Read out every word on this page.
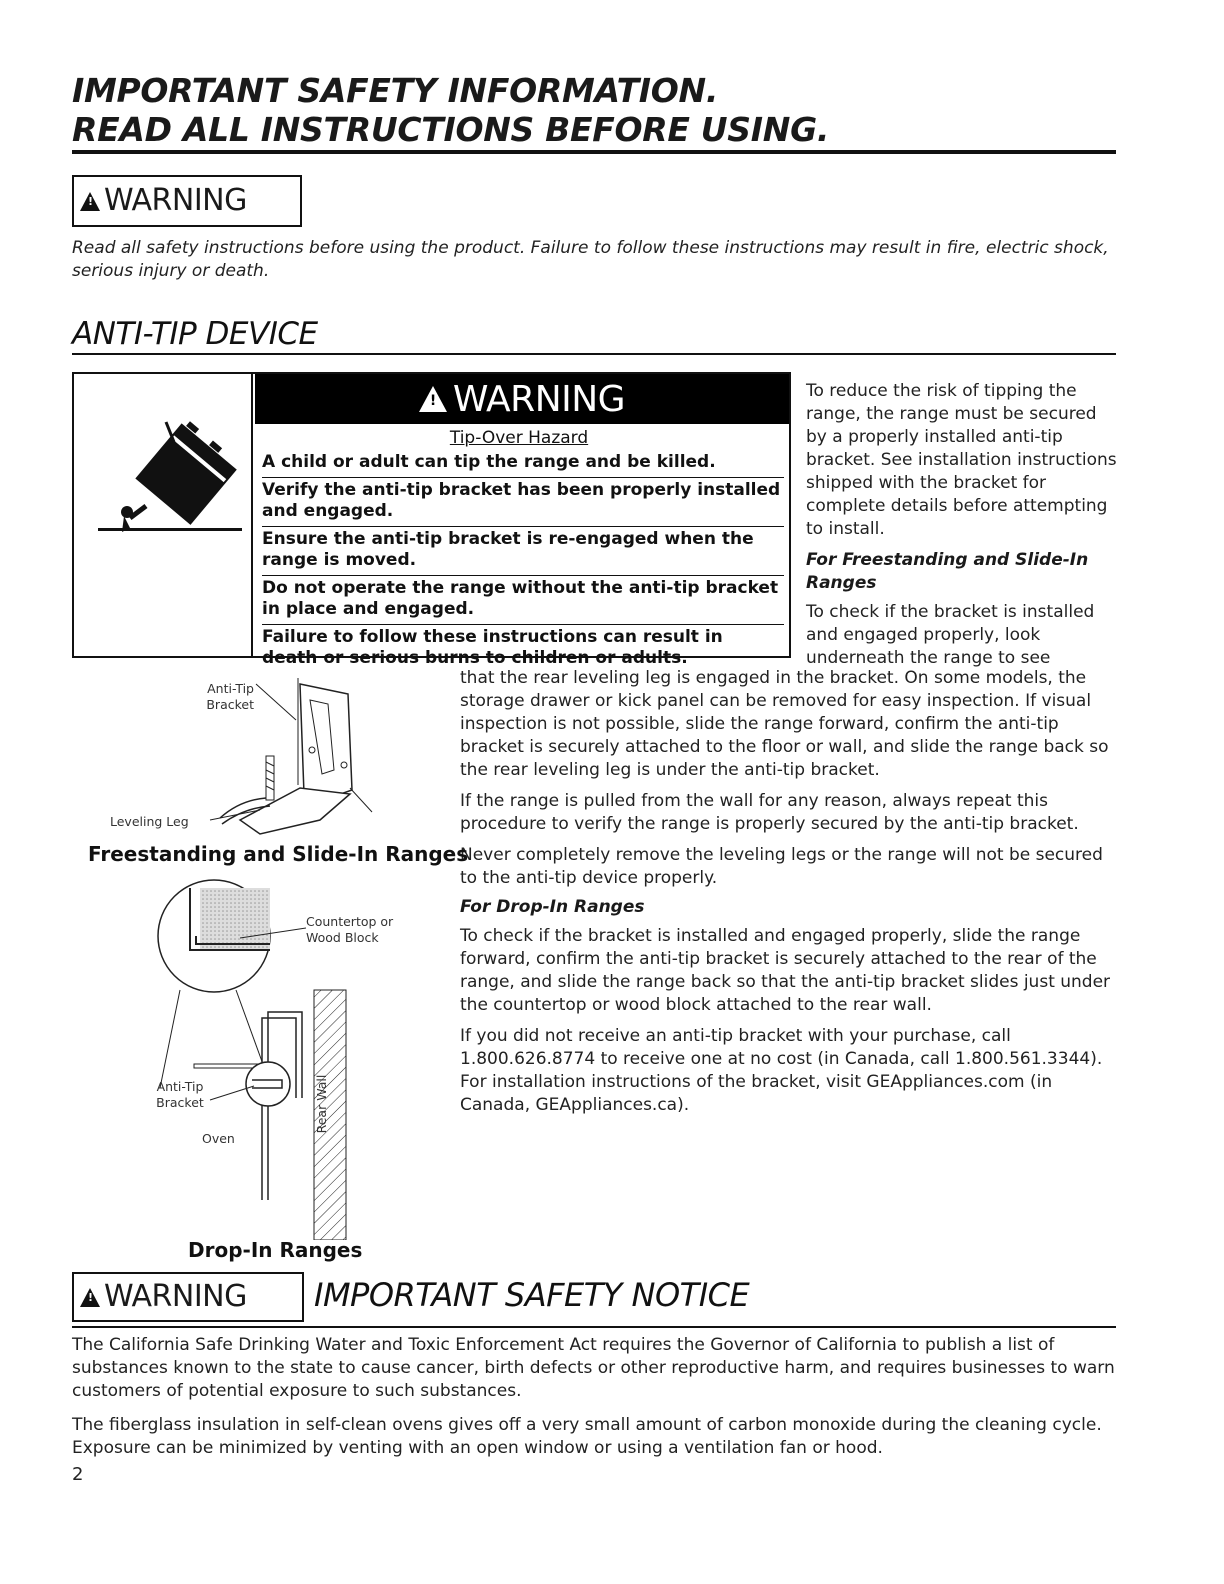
IMPORTANT SAFETY INFORMATION.
READ ALL INSTRUCTIONS BEFORE USING.
! WARNING

Read all safety instructions before using the product. Failure to follow these instructions may result in fire, electric shock, serious injury or death.

ANTI-TIP DEVICE
! WARNING
Tip-Over Hazard

A child or adult can tip the range and be killed.

Verify the anti-tip bracket has been properly installed and engaged.

Ensure the anti-tip bracket is re-engaged when the range is moved.

Do not operate the range without the anti-tip bracket in place and engaged.

Failure to follow these instructions can result in death or serious burns to children or adults.

To reduce the risk of tipping the range, the range must be secured by a properly installed anti-tip bracket. See installation instructions shipped with the bracket for complete details before attempting to install.

For Freestanding and Slide-In Ranges

To check if the bracket is installed and engaged properly, look underneath the range to see

that the rear leveling leg is engaged in the bracket. On some models, the storage drawer or kick panel can be removed for easy inspection. If visual inspection is not possible, slide the range forward, confirm the anti-tip bracket is securely attached to the floor or wall, and slide the range back so the rear leveling leg is under the anti-tip bracket.

If the range is pulled from the wall for any reason, always repeat this procedure to verify the range is properly secured by the anti-tip bracket.

Never completely remove the leveling legs or the range will not be secured to the anti-tip device properly.

For Drop-In Ranges

To check if the bracket is installed and engaged properly, slide the range forward, confirm the anti-tip bracket is securely attached to the rear of the range, and slide the range back so that the anti-tip bracket slides just under the countertop or wood block attached to the rear wall.

If you did not receive an anti-tip bracket with your purchase, call 1.800.626.8774 to receive one at no cost (in Canada, call 1.800.561.3344). For installation instructions of the bracket, visit GEAppliances.com (in Canada, GEAppliances.ca).

Anti-Tip
Bracket
Leveling Leg
Freestanding and Slide-In Ranges
Countertop or
Wood Block
Anti-Tip
Bracket
Oven
Rear Wall
Drop-In Ranges
! WARNING IMPORTANT SAFETY NOTICE

The California Safe Drinking Water and Toxic Enforcement Act requires the Governor of California to publish a list of substances known to the state to cause cancer, birth defects or other reproductive harm, and requires businesses to warn customers of potential exposure to such substances.

The fiberglass insulation in self-clean ovens gives off a very small amount of carbon monoxide during the cleaning cycle. Exposure can be minimized by venting with an open window or using a ventilation fan or hood.

2
